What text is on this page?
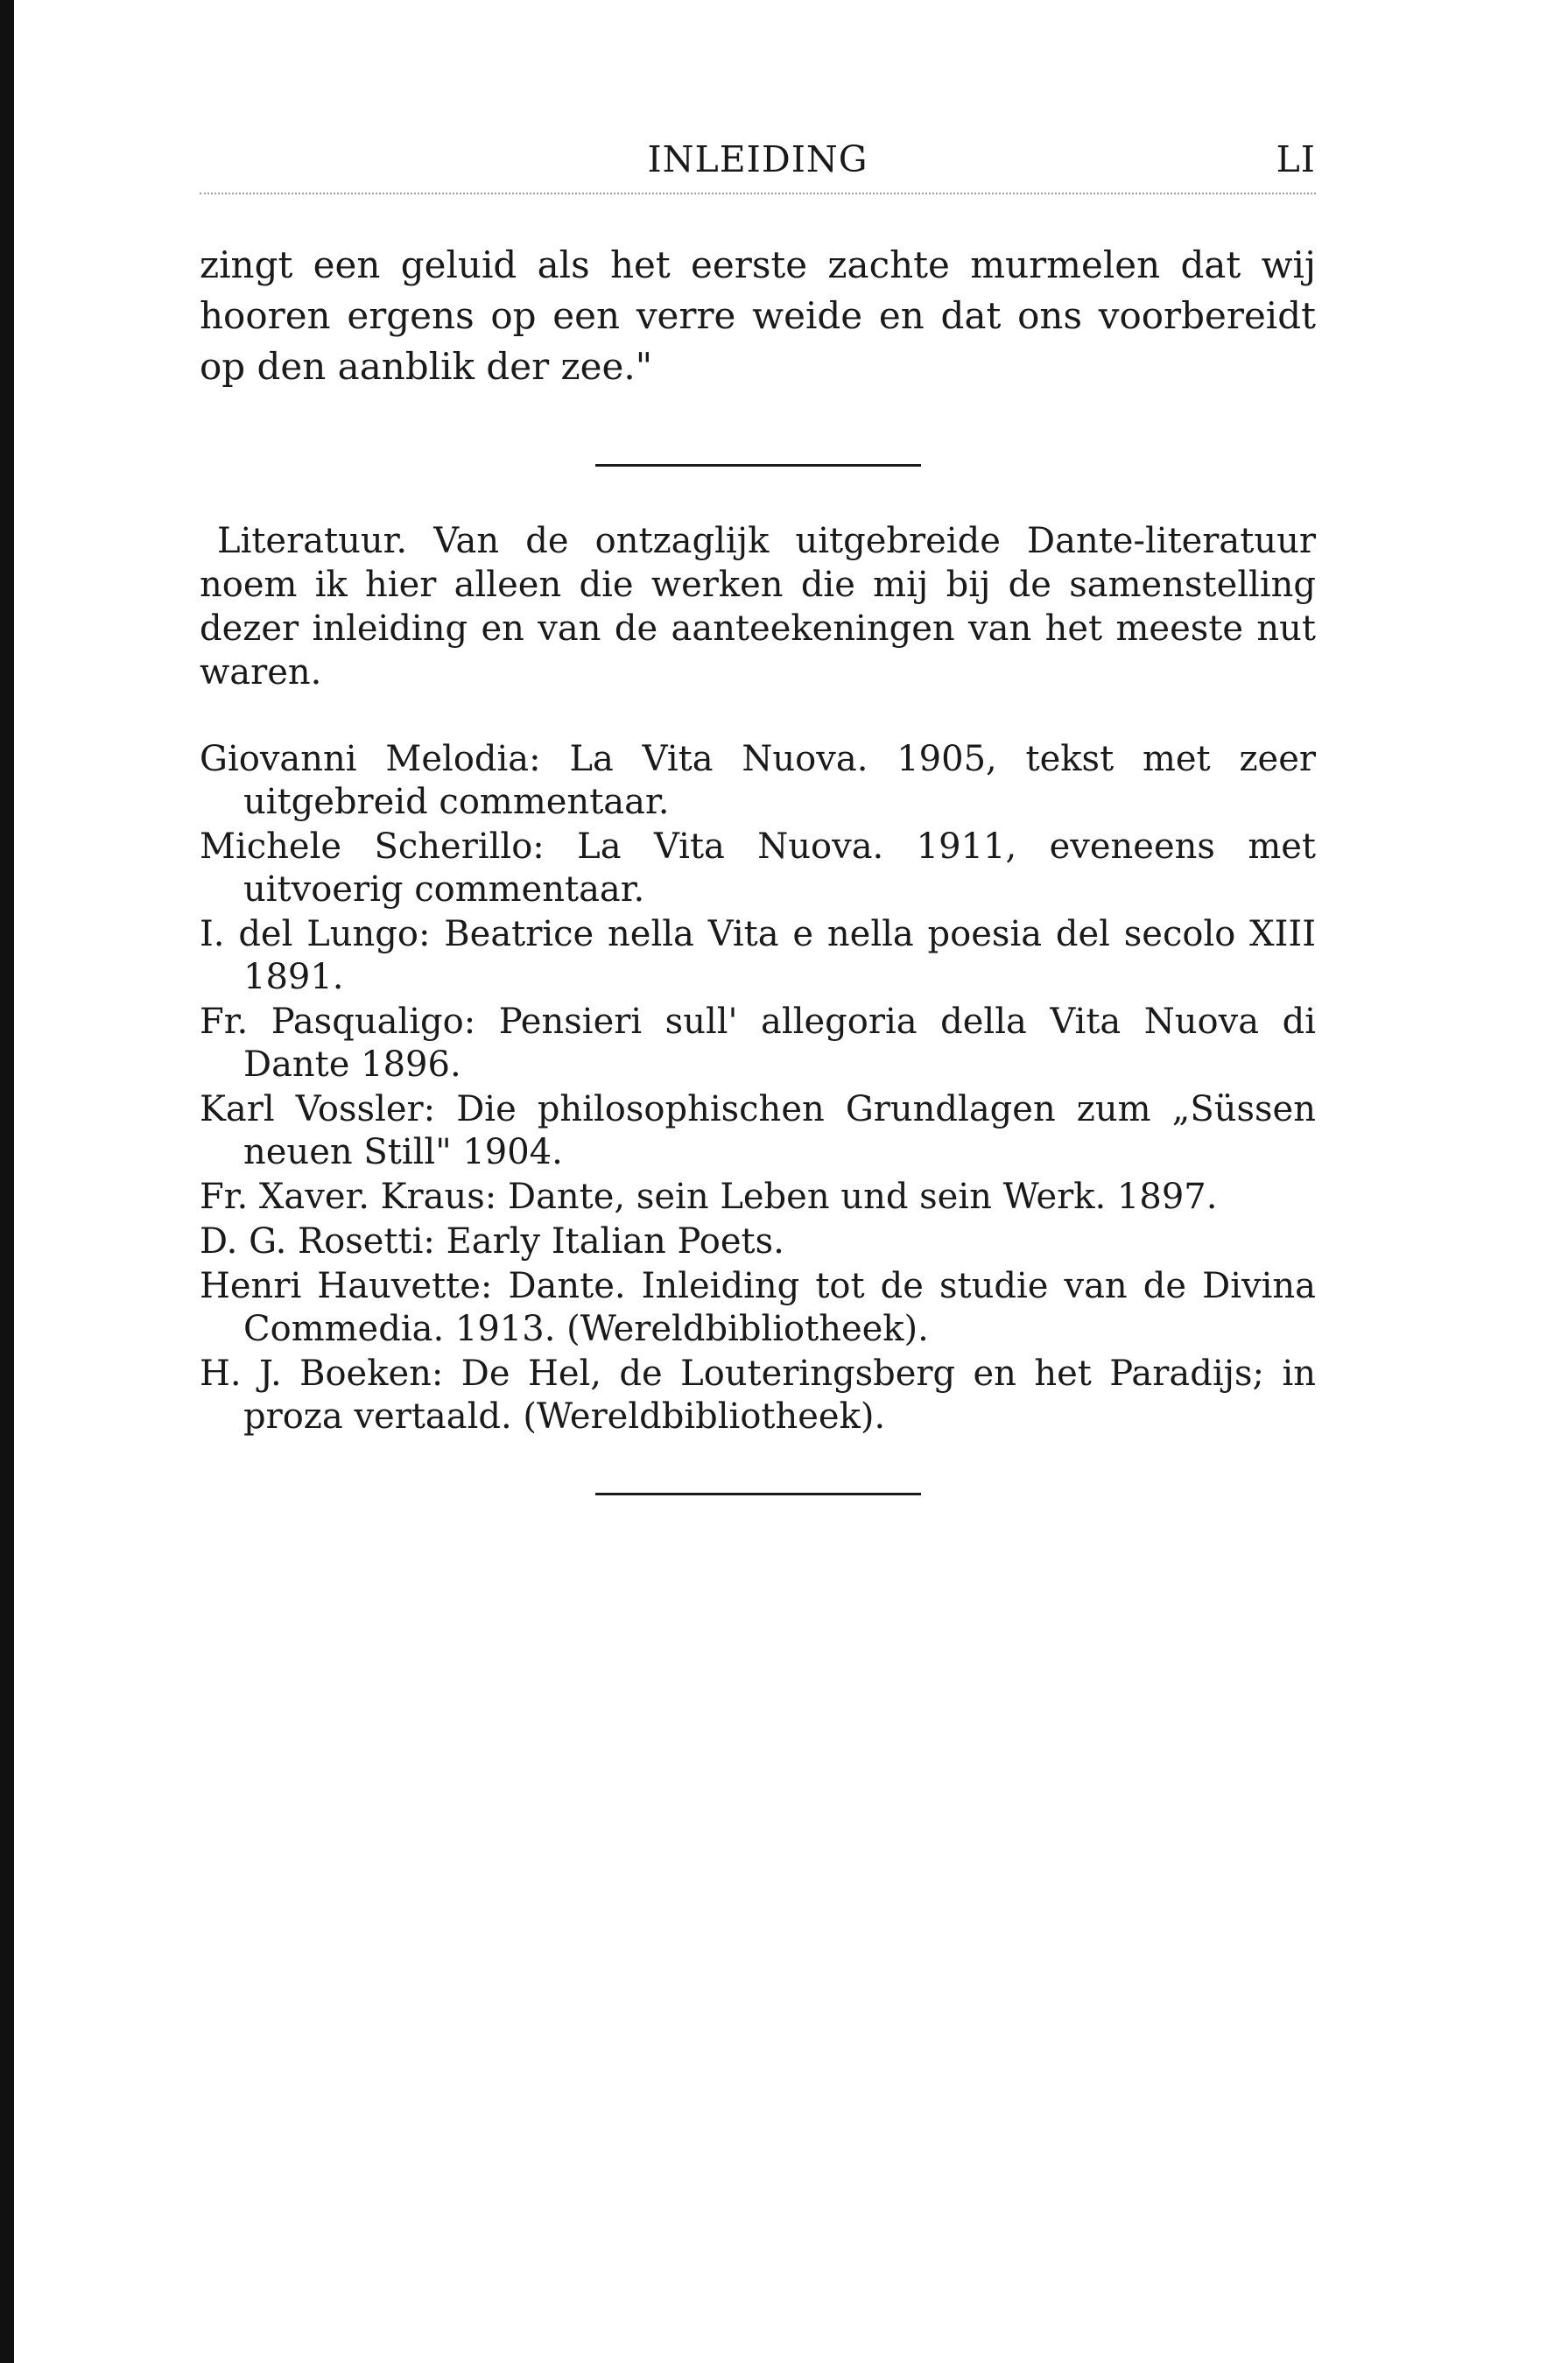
INLEIDING	LI

zingt een geluid als het eerste zachte murmelen dat wij hooren ergens op een verre weide en dat ons voorbereidt op den aanblik der zee."

Literatuur. Van de ontzaglijk uitgebreide Dante-literatuur noem ik hier alleen die werken die mij bij de samenstelling dezer inleiding en van de aanteekeningen van het meeste nut waren.

Giovanni Melodia: La Vita Nuova. 1905, tekst met zeer uitgebreid commentaar.
Michele Scherillo: La Vita Nuova. 1911, eveneens met uitvoerig commentaar.
I. del Lungo: Beatrice nella Vita e nella poesia del secolo XIII 1891.
Fr. Pasqualigo: Pensieri sull' allegoria della Vita Nuova di Dante 1896.
Karl Vossler: Die philosophischen Grundlagen zum „Süssen neuen Still" 1904.
Fr. Xaver. Kraus: Dante, sein Leben und sein Werk. 1897.
D. G. Rosetti: Early Italian Poets.
Henri Hauvette: Dante. Inleiding tot de studie van de Divina Commedia. 1913. (Wereldbibliotheek).
H. J. Boeken: De Hel, de Louteringsberg en het Paradijs; in proza vertaald. (Wereldbibliotheek).
